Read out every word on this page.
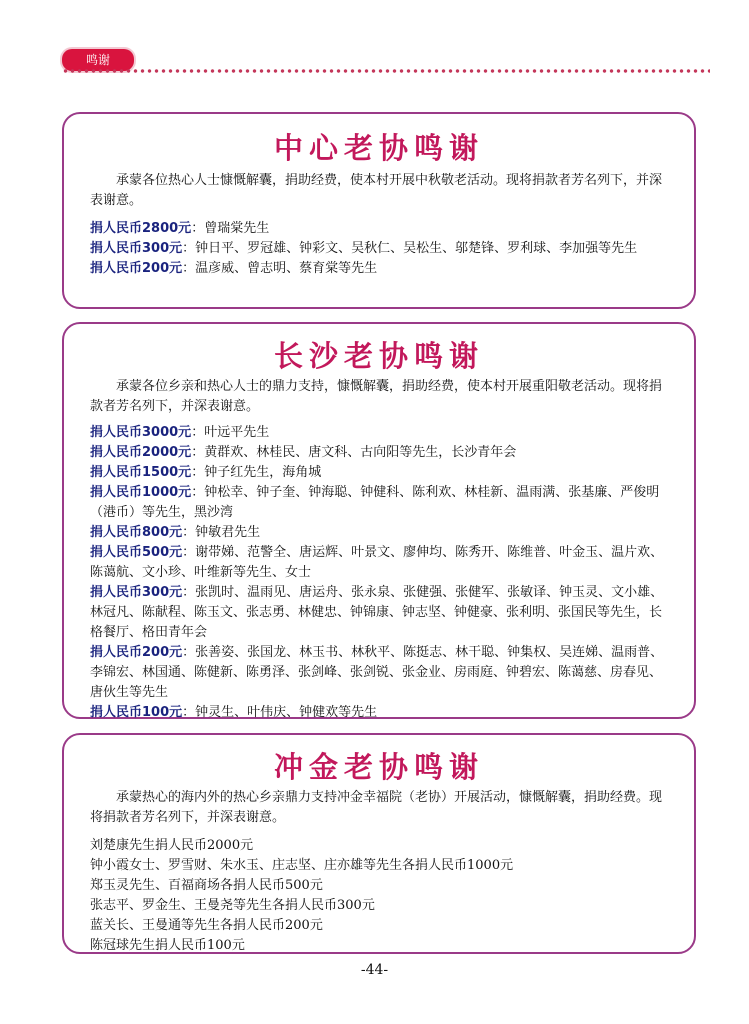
鸣谢
中心老协鸣谢
承蒙各位热心人士慷慨解囊，捐助经费，使本村开展中秋敬老活动。现将捐款者芳名列下，并深表谢意。
捐人民币2800元：曾瑞棠先生
捐人民币300元：钟日平、罗冠雄、钟彩文、吴秋仁、吴松生、邬楚锋、罗利球、李加强等先生
捐人民币200元：温彦威、曾志明、蔡育棠等先生
长沙老协鸣谢
承蒙各位乡亲和热心人士的鼎力支持，慷慨解囊，捐助经费，使本村开展重阳敬老活动。现将捐款者芳名列下，并深表谢意。
捐人民币3000元：叶远平先生
捐人民币2000元：黄群欢、林桂民、唐文科、古向阳等先生，长沙青年会
捐人民币1500元：钟子红先生，海角城
捐人民币1000元：钟松幸、钟子奎、钟海聪、钟健科、陈利欢、林桂新、温雨满、张基廉、严俊明（港币）等先生，黑沙湾
捐人民币800元：钟敏君先生
捐人民币500元：谢带娣、范警全、唐运辉、叶景文、廖伸均、陈秀开、陈维普、叶金玉、温片欢、陈蔼航、文小珍、叶维新等先生、女士
捐人民币300元：张凯时、温雨见、唐运舟、张永泉、张健强、张健军、张敏译、钟玉灵、文小雄、林冠凡、陈献程、陈玉文、张志勇、林健忠、钟锦康、钟志坚、钟健豪、张利明、张国民等先生，长格餐厅、格田青年会
捐人民币200元：张善姿、张国龙、林玉书、林秋平、陈挺志、林干聪、钟集权、吴连娣、温雨普、李锦宏、林国通、陈健新、陈勇泽、张剑峰、张剑锐、张金业、房雨庭、钟碧宏、陈蔼慈、房春见、唐伙生等先生
捐人民币100元：钟灵生、叶伟庆、钟健欢等先生
冲金老协鸣谢
承蒙热心的海内外的热心乡亲鼎力支持冲金幸福院（老协）开展活动，慷慨解囊，捐助经费。现将捐款者芳名列下，并深表谢意。
刘楚康先生捐人民币2000元
钟小霞女士、罗雪财、朱水玉、庄志坚、庄亦雄等先生各捐人民币1000元
郑玉灵先生、百福商场各捐人民币500元
张志平、罗金生、王曼尧等先生各捐人民币300元
蓝关长、王曼通等先生各捐人民币200元
陈冠球先生捐人民币100元
-44-
